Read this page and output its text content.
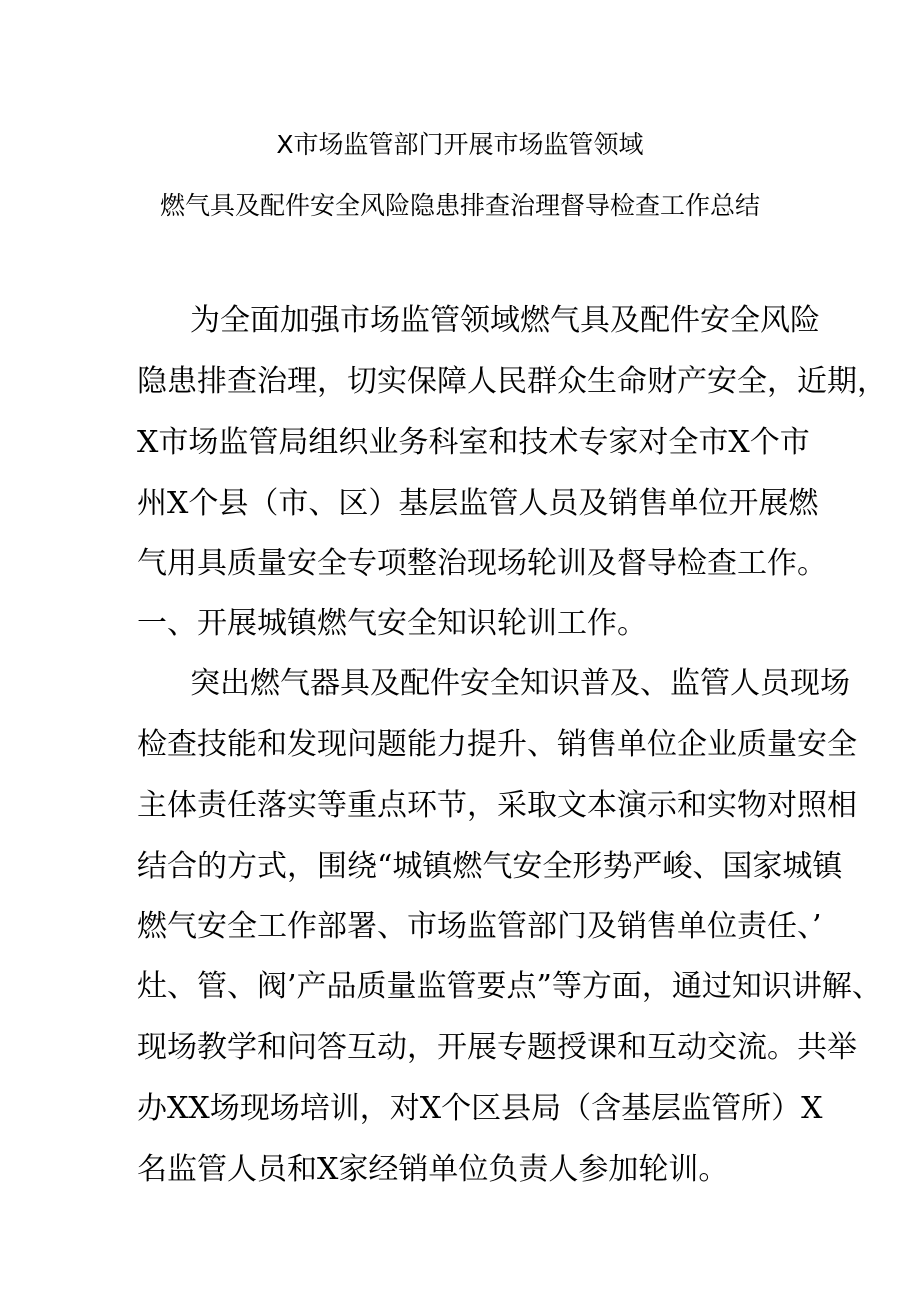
X市场监管部门开展市场监管领域
燃气具及配件安全风险隐患排查治理督导检查工作总结
为全面加强市场监管领域燃气具及配件安全风险
隐患排查治理，切实保障人民群众生命财产安全，近期，
X市场监管局组织业务科室和技术专家对全市X个市
州X个县（市、区）基层监管人员及销售单位开展燃
气用具质量安全专项整治现场轮训及督导检查工作。
一、开展城镇燃气安全知识轮训工作。
突出燃气器具及配件安全知识普及、监管人员现场
检查技能和发现问题能力提升、销售单位企业质量安全
主体责任落实等重点环节，采取文本演示和实物对照相
结合的方式，围绕“城镇燃气安全形势严峻、国家城镇
燃气安全工作部署、市场监管部门及销售单位责任、’
灶、管、阀’产品质量监管要点”等方面，通过知识讲解、
现场教学和问答互动，开展专题授课和互动交流。共举
办XX场现场培训，对X个区县局（含基层监管所）X
名监管人员和X家经销单位负责人参加轮训。
